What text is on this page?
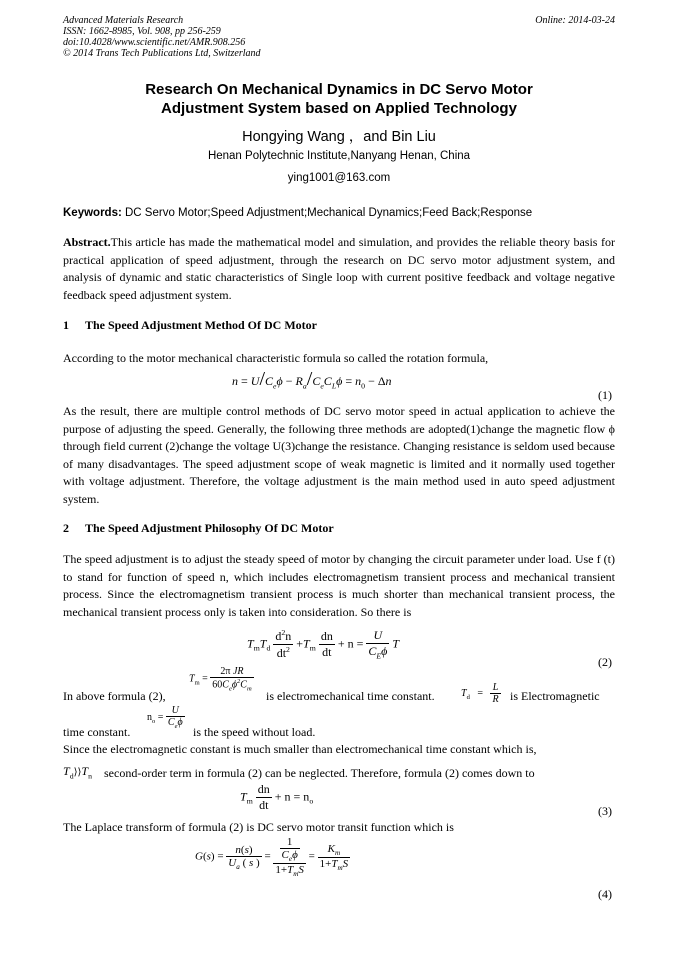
Advanced Materials Research
ISSN: 1662-8985, Vol. 908, pp 256-259
doi:10.4028/www.scientific.net/AMR.908.256
© 2014 Trans Tech Publications Ltd, Switzerland
Online: 2014-03-24
Research On Mechanical Dynamics in DC Servo Motor
Adjustment System based on Applied Technology
Hongying Wang ，and Bin Liu
Henan Polytechnic Institute,Nanyang Henan, China
ying1001@163.com
Keywords: DC Servo Motor;Speed Adjustment;Mechanical Dynamics;Feed Back;Response
Abstract.This article has made the mathematical model and simulation, and provides the reliable theory basis for practical application of speed adjustment, through the research on DC servo motor adjustment system, and analysis of dynamic and static characteristics of Single loop with current positive feedback and voltage negative feedback speed adjustment system.
1 The Speed Adjustment Method Of DC Motor
According to the motor mechanical characteristic formula so called the rotation formula,
$n = U/C_e\phi - R_a/C_eC_L\phi = n_0 - \Delta n$
(1)
As the result, there are multiple control methods of DC servo motor speed in actual application to achieve the purpose of adjusting the speed. Generally, the following three methods are adopted(1)change the magnetic flow ϕ through field current (2)change the voltage U(3)change the resistance. Changing resistance is seldom used because of many disadvantages. The speed adjustment scope of weak magnetic is limited and it normally used together with voltage adjustment. Therefore, the voltage adjustment is the main method used in auto speed adjustment system.
2 The Speed Adjustment Philosophy Of DC Motor
The speed adjustment is to adjust the steady speed of motor by changing the circuit parameter under load. Use f (t) to stand for function of speed n, which includes electromagnetism transient process and mechanical transient process. Since the electromagnetism transient process is much shorter than mechanical transient process, the mechanical transient process only is taken into consideration. So there is
$T_mT_d \frac{d^2n}{dt^2} +T_m \frac{dn}{dt} + n = \frac{U}{C_E\phi}$ T
(2)
$T_m = \frac{\text{2π JR}}{60C_e\phi^2C_m}$
In above formula (2),	is electromechanical time constant.	$T_d = \frac{L}{R}$ is Electromagnetic
time constant.
$n_o = \frac{U}{C_e\phi}$
is the speed without load.
Since the electromagnetic constant is much smaller than electromechanical time constant which is,
$T_d⟩⟩T_n$ second-order term in formula (2) can be neglected. Therefore, formula (2) comes down to
$T_m \frac{dn}{dt} + n = n_o$
(3)
The Laplace transform of formula (2) is DC servo motor transit function which is
$G(s) = \frac{n(s)}{U_a ( s )} = \frac{\frac{1}{C_e\phi}}{1+T_mS} = \frac{K_m}{1+T_mS}$
(4)
